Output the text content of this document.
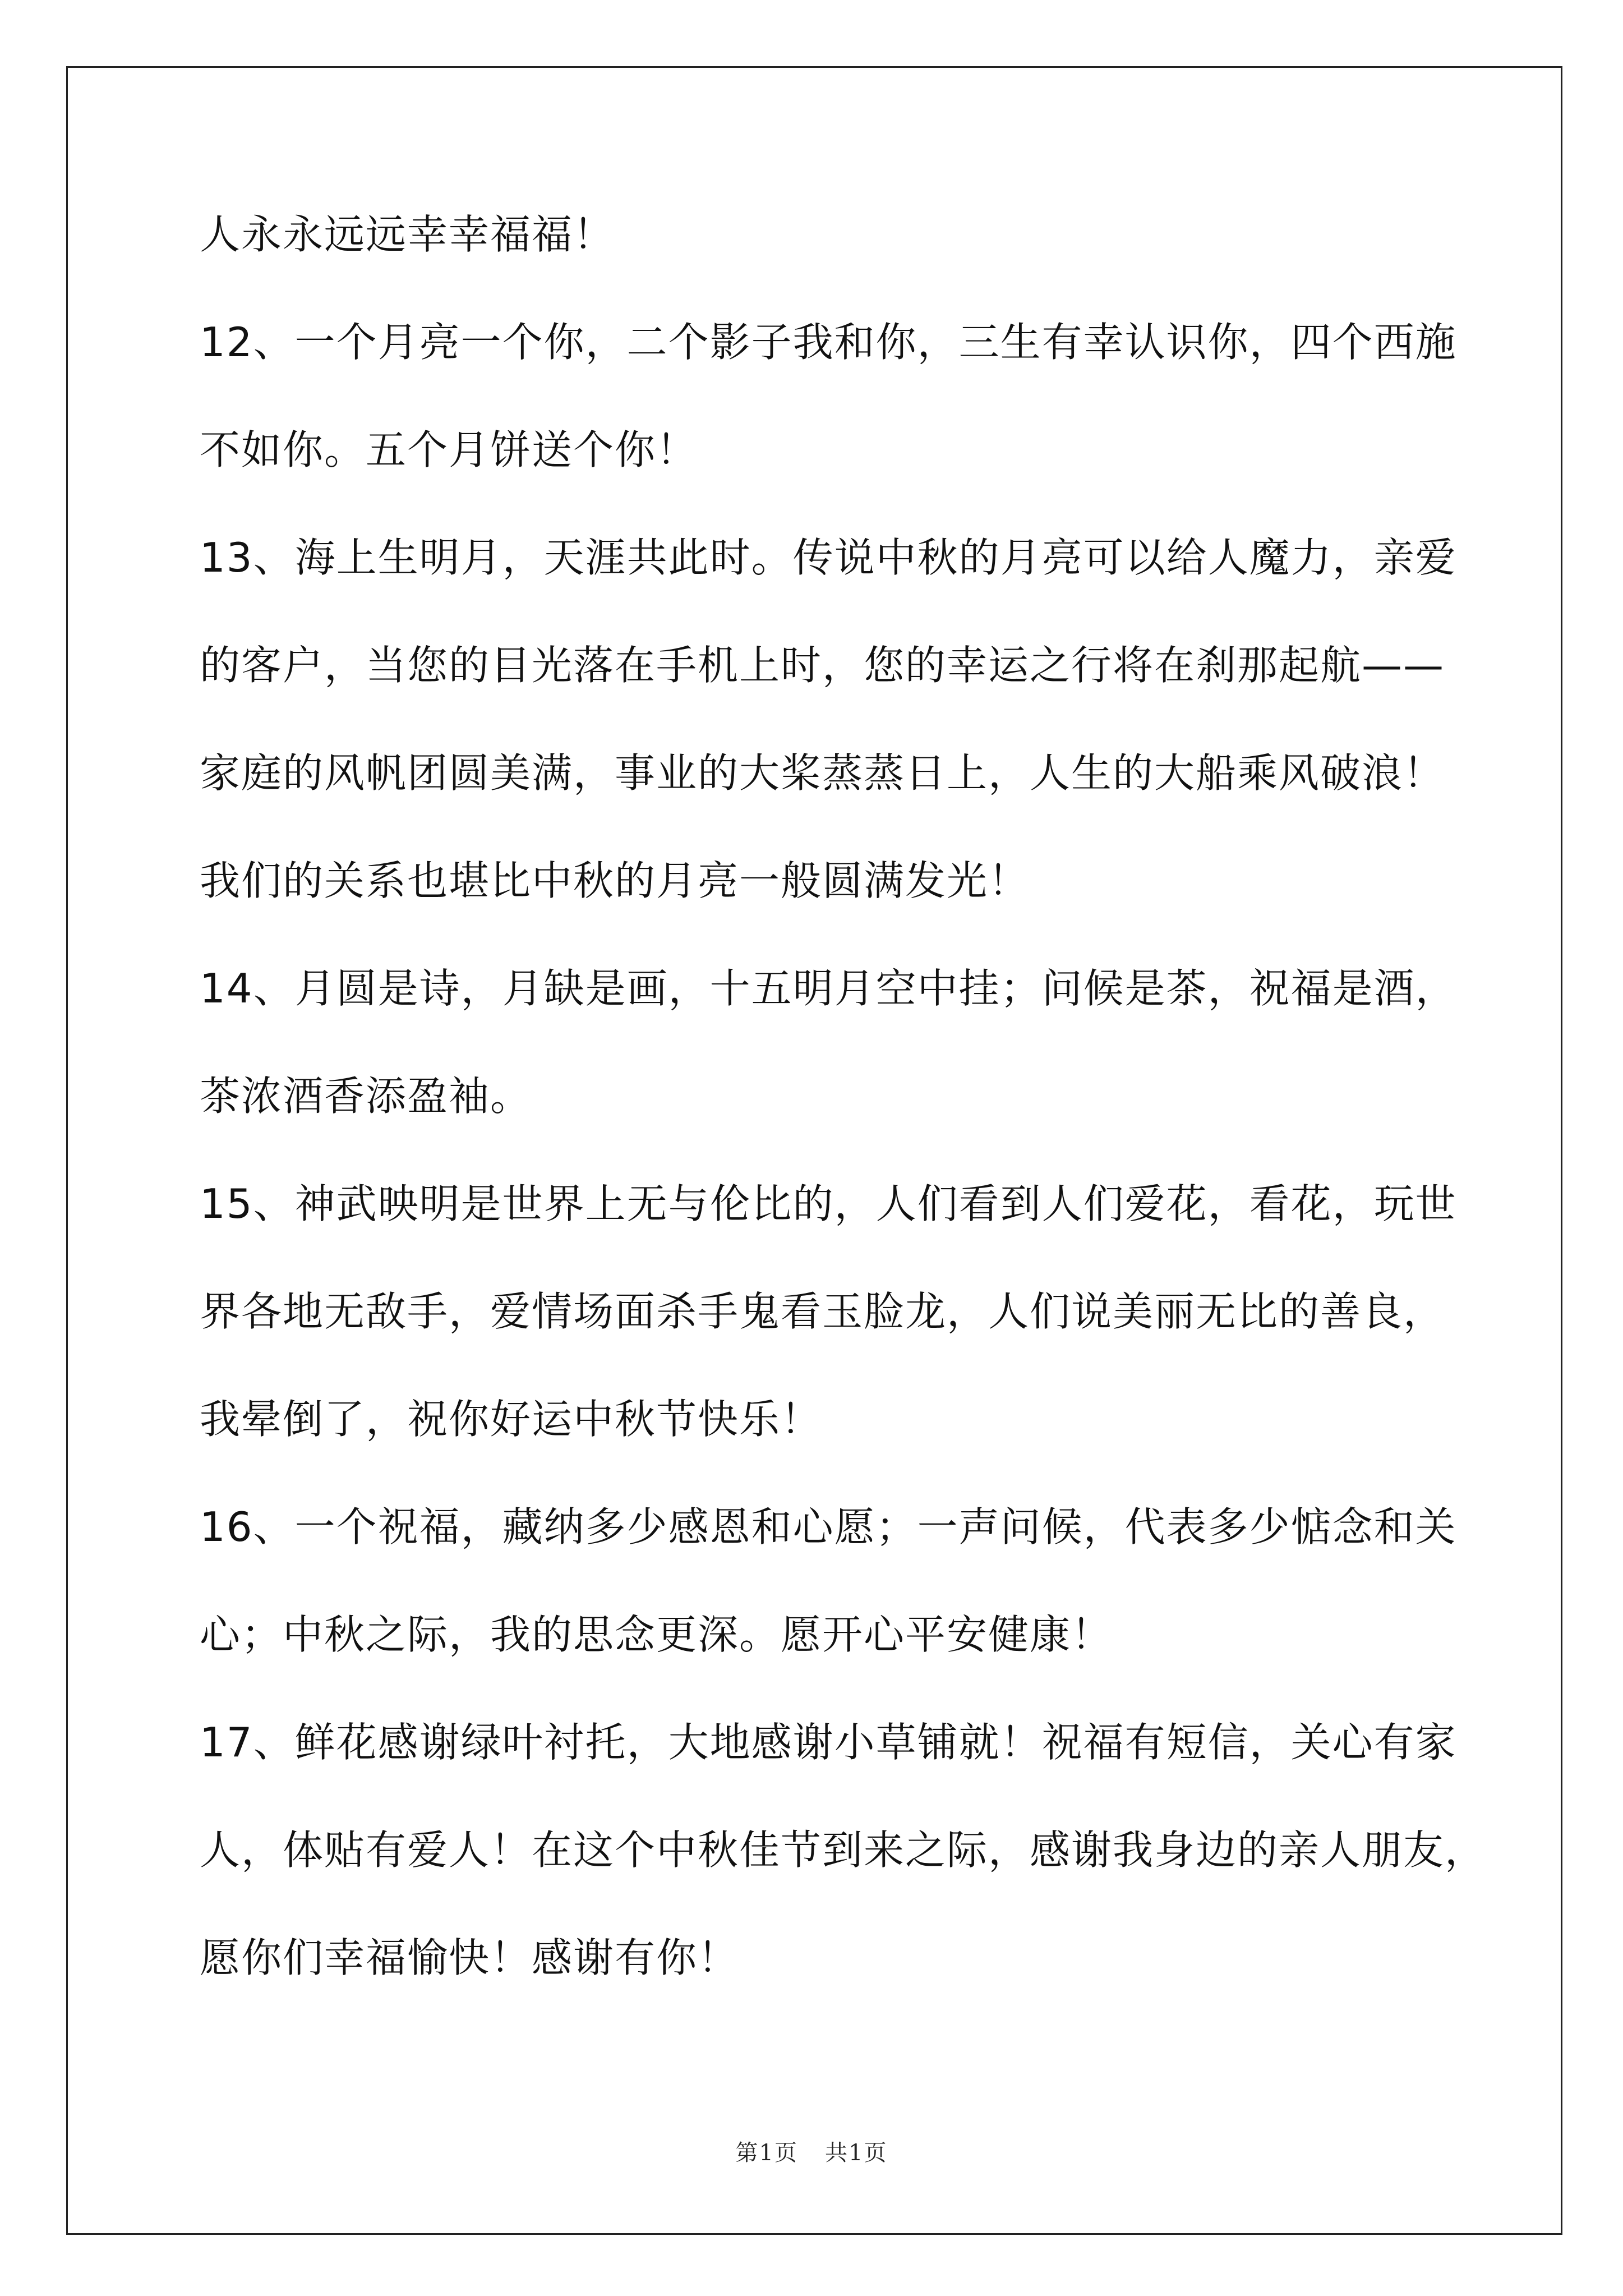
人永永远远幸幸福福！
12、一个月亮一个你，二个影子我和你，三生有幸认识你，四个西施
不如你。五个月饼送个你！
13、海上生明月，天涯共此时。传说中秋的月亮可以给人魔力，亲爱
的客户，当您的目光落在手机上时，您的幸运之行将在刹那起航——
家庭的风帆团圆美满，事业的大桨蒸蒸日上，人生的大船乘风破浪！
我们的关系也堪比中秋的月亮一般圆满发光！
14、月圆是诗，月缺是画，十五明月空中挂；问候是茶，祝福是酒，
茶浓酒香添盈袖。
15、神武映明是世界上无与伦比的，人们看到人们爱花，看花，玩世
界各地无敌手，爱情场面杀手鬼看玉脸龙，人们说美丽无比的善良，
我晕倒了，祝你好运中秋节快乐！
16、一个祝福，藏纳多少感恩和心愿；一声问候，代表多少惦念和关
心；中秋之际，我的思念更深。愿开心平安健康！
17、鲜花感谢绿叶衬托，大地感谢小草铺就！祝福有短信，关心有家
人，体贴有爱人！在这个中秋佳节到来之际，感谢我身边的亲人朋友，
愿你们幸福愉快！感谢有你！
第1页 共1页
